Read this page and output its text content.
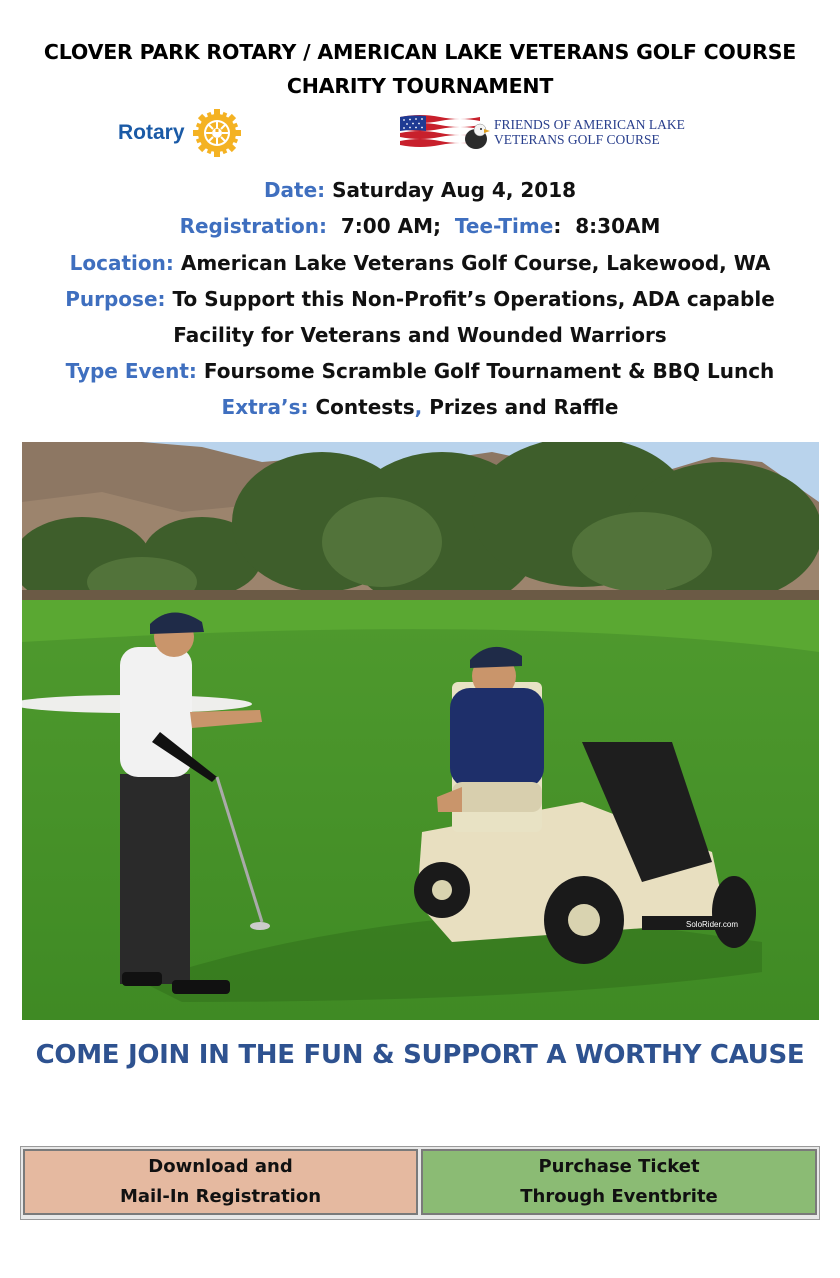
CLOVER PARK ROTARY / AMERICAN LAKE VETERANS GOLF COURSE
CHARITY TOURNAMENT
Rotary	FRIENDS OF AMERICAN LAKE
VETERANS GOLF COURSE
Date: Saturday Aug 4, 2018
Registration: 7:00 AM; Tee-Time: 8:30AM
Location: American Lake Veterans Golf Course, Lakewood, WA
Purpose: To Support this Non-Profit’s Operations, ADA capable
Facility for Veterans and Wounded Warriors
Type Event: Foursome Scramble Golf Tournament & BBQ Lunch
Extra’s: Contests, Prizes and Raffle
SoloRider.com
COME JOIN IN THE FUN & SUPPORT A WORTHY CAUSE
Download and
Mail-In Registration
Purchase Ticket
Through Eventbrite
